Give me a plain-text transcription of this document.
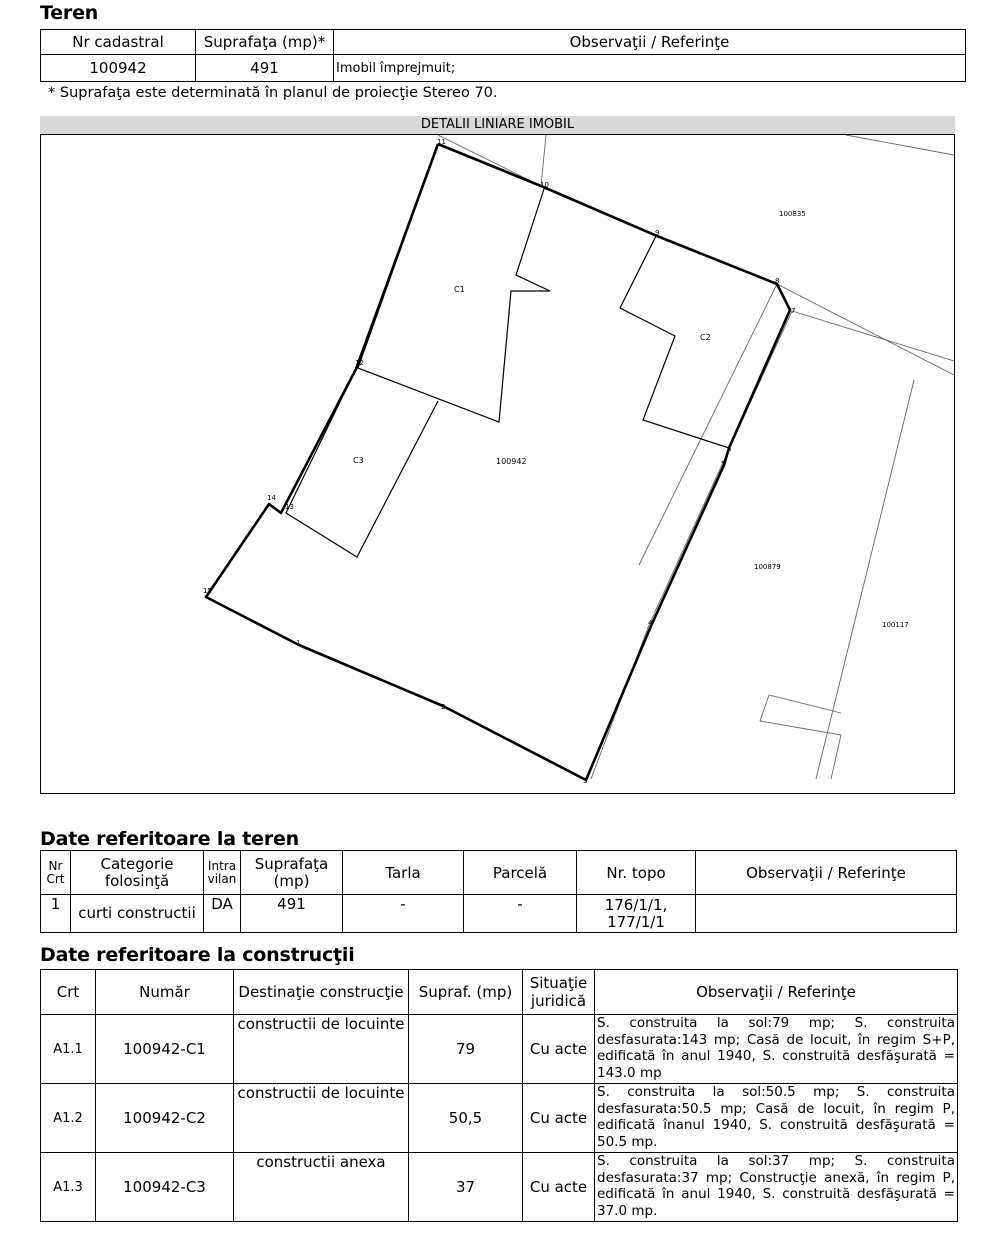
Teren
Nr cadastral	Suprafaţa (mp)*	Observaţii / Referinţe
100942	491	Imobil împrejmuit;
* Suprafaţa este determinată în planul de proiecţie Stereo 70.
DETALII LINIARE IMOBIL
1
2
3
4
5
6
7
8
9
10
11
12
13
14
15
C1
C2
C3	100942
100835
100879
100117
Date referitoare la teren
Nr Crt	Categorie folosinţă	Intra vilan	Suprafaţa (mp)	Tarla	Parcelă	Nr. topo	Observaţii / Referinţe
1	curti constructii	DA	491	-	-	176/1/1, 177/1/1	
Date referitoare la construcţii
Crt	Număr	Destinaţie construcţie	Supraf. (mp)	Situaţie juridică	Observaţii / Referinţe
A1.1	100942-C1	constructii de locuinte	79	Cu acte	S. construita la sol:79 mp; S. construita desfasurata:143 mp; Casă de locuit, în regim S+P, edificată în anul 1940, S. construită desfăşurată = 143.0 mp
A1.2	100942-C2	constructii de locuinte	50,5	Cu acte	S. construita la sol:50.5 mp; S. construita desfasurata:50.5 mp; Casă de locuit, în regim P, edificată înanul 1940, S. construită desfăşurată = 50.5 mp.
A1.3	100942-C3	constructii anexa	37	Cu acte	S. construita la sol:37 mp; S. construita desfasurata:37 mp; Construcţie anexă, în regim P, edificată în anul 1940, S. construită desfăşurată = 37.0 mp.
